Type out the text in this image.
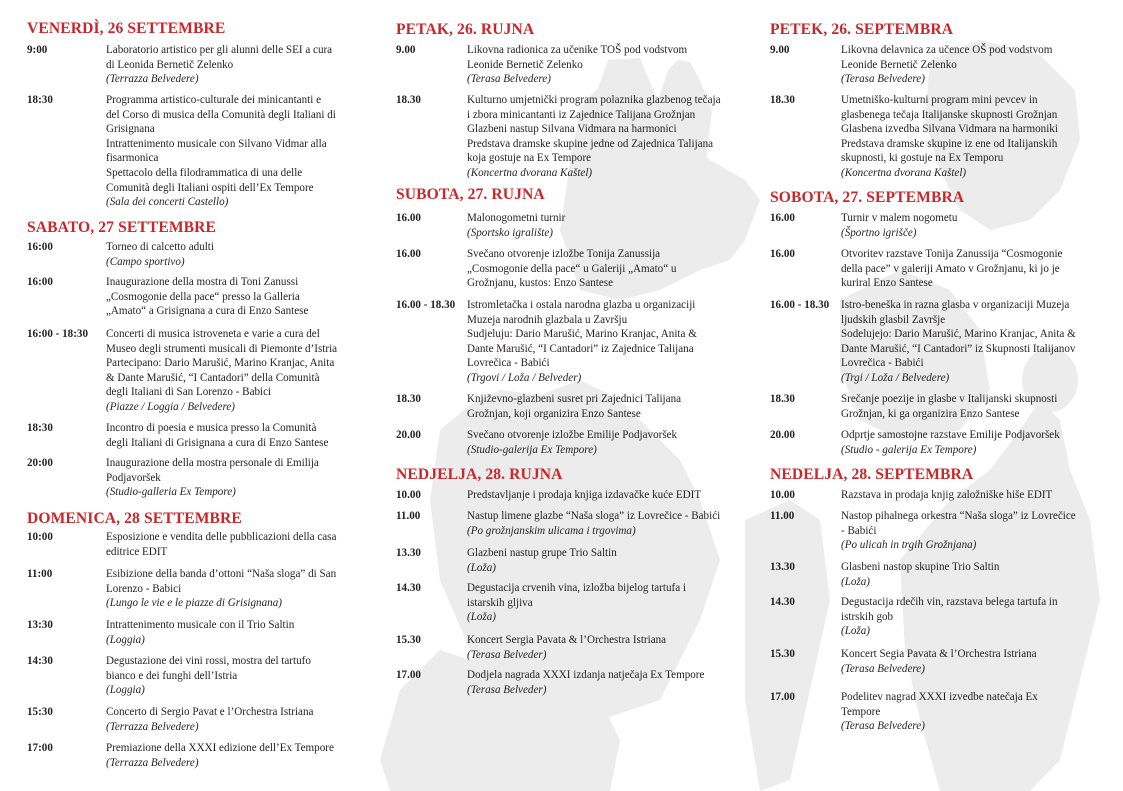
VENERDÌ, 26 SETTEMBRE
9:00	Laboratorio artistico per gli alunni delle SEI a cura
di Leonida Bernetič Zelenko
(Terrazza Belvedere)
18:30	Programma artistico-culturale dei minicantanti e
del Corso di musica della Comunità degli Italiani di
Grisignana
Intrattenimento musicale con Silvano Vidmar alla
fisarmonica
Spettacolo della filodrammatica di una delle
Comunità degli Italiani ospiti dell’Ex Tempore
(Sala dei concerti Castello)
SABATO, 27 SETTEMBRE
16:00	Torneo di calcetto adulti
(Campo sportivo)
16:00	Inaugurazione della mostra di Toni Zanussi
„Cosmogonie della pace“ presso la Galleria
„Amato“ a Grisignana a cura di Enzo Santese
16:00 - 18:30 Concerti di musica istroveneta e varie a cura del
Museo degli strumenti musicali di Piemonte d’Istria
Partecipano: Dario Marušić, Marino Kranjac, Anita
& Dante Marušić, “I Cantadori” della Comunità
degli Italiani di San Lorenzo - Babici
(Piazze / Loggia / Belvedere)
18:30	Incontro di poesia e musica presso la Comunità
degli Italiani di Grisignana a cura di Enzo Santese
20:00	Inaugurazione della mostra personale di Emilija
Podjavoršek
(Studio-galleria Ex Tempore)
DOMENICA, 28 SETTEMBRE
10:00	Esposizione e vendita delle pubblicazioni della casa
editrice EDIT
11:00	Esibizione della banda d’ottoni “Naša sloga” di San
Lorenzo - Babici
(Lungo le vie e le piazze di Grisignana)
13:30	Intrattenimento musicale con il Trio Saltin
(Loggia)
14:30	Degustazione dei vini rossi, mostra del tartufo
bianco e dei funghi dell’Istria
(Loggia)
15:30	Concerto di Sergio Pavat e l’Orchestra Istriana
(Terrazza Belvedere)
17:00	Premiazione della XXXI edizione dell’Ex Tempore
(Terrazza Belvedere)
PETAK, 26. RUJNA
9.00	Likovna radionica za učenike TOŠ pod vodstvom
Leonide Bernetič Zelenko
(Terasa Belvedere)
18.30	Kulturno umjetnički program polaznika glazbenog tečaja
i zbora minicantanti iz Zajednice Talijana Grožnjan
Glazbeni nastup Silvana Vidmara na harmonici
Predstava dramske skupine jedne od Zajednica Talijana
koja gostuje na Ex Tempore
(Koncertna dvorana Kaštel)
SUBOTA, 27. RUJNA
16.00	Malonogometni turnir
(Sportsko igralište)
16.00	Svečano otvorenje izložbe Tonija Zanussija
„Cosmogonie della pace“ u Galeriji „Amato“ u
Grožnjanu, kustos: Enzo Santese
16.00 - 18.30 Istromletačka i ostala narodna glazba u organizaciji
Muzeja narodnih glazbala u Završju
Sudjeluju: Dario Marušić, Marino Kranjac, Anita &
Dante Marušić, “I Cantadori” iz Zajednice Talijana
Lovrečica - Babići
(Trgovi / Loža / Belveder)
18.30	Književno-glazbeni susret pri Zajednici Talijana
Grožnjan, koji organizira Enzo Santese
20.00	Svečano otvorenje izložbe Emilije Podjavoršek
(Studio-galerija Ex Tempore)
NEDJELJA, 28. RUJNA
10.00	Predstavljanje i prodaja knjiga izdavačke kuće EDIT
11.00	Nastup limene glazbe “Naša sloga” iz Lovrečice - Babići
(Po grožnjanskim ulicama i trgovima)
13.30	Glazbeni nastup grupe Trio Saltin
(Loža)
14.30	Degustacija crvenih vina, izložba bijelog tartufa i
istarskih gljiva
(Loža)
15.30	Koncert Sergia Pavata & l’Orchestra Istriana
(Terasa Belveder)
17.00	Dodjela nagrada XXXI izdanja natječaja Ex Tempore
(Terasa Belveder)
PETEK, 26. SEPTEMBRA
9.00	Likovna delavnica za učence OŠ pod vodstvom
Leonide Bernetič Zelenko
(Terasa Belvedere)
18.30	Umetniško-kulturni program mini pevcev in
glasbenega tečaja Italijanske skupnosti Grožnjan
Glasbena izvedba Silvana Vidmara na harmoniki
Predstava dramske skupine iz ene od Italijanskih
skupnosti, ki gostuje na Ex Temporu
(Koncertna dvorana Kaštel)
SOBOTA, 27. SEPTEMBRA
16.00	Turnir v malem nogometu
(Športno igrišče)
16.00	Otvoritev razstave Tonija Zanussija “Cosmogonie
della pace” v galeriji Amato v Grožnjanu, ki jo je
kuriral Enzo Santese
16.00 - 18.30 Istro-beneška in razna glasba v organizaciji Muzeja
ljudskih glasbil Završje
Sodelujejo: Dario Marušić, Marino Kranjac, Anita &
Dante Marušić, “I Cantadori” iz Skupnosti Italijanov
Lovrečica - Babići
(Trgi / Loža / Belvedere)
18.30	Srečanje poezije in glasbe v Italijanski skupnosti
Grožnjan, ki ga organizira Enzo Santese
20.00	Odprtje samostojne razstave Emilije Podjavoršek
(Studio - galerija Ex Tempore)
NEDELJA, 28. SEPTEMBRA
10.00	Razstava in prodaja knjig založniške hiše EDIT
11.00	Nastop pihalnega orkestra “Naša sloga” iz Lovrečice
- Babići
(Po ulicah in trgih Grožnjana)
13.30	Glasbeni nastop skupine Trio Saltin
(Loža)
14.30	Degustacija rdečih vin, razstava belega tartufa in
istrskih gob
(Loža)
15.30	Koncert Segia Pavata & l’Orchestra Istriana
(Terasa Belvedere)
17.00	Podelitev nagrad XXXI izvedbe natečaja Ex
Tempore
(Terasa Belvedere)
